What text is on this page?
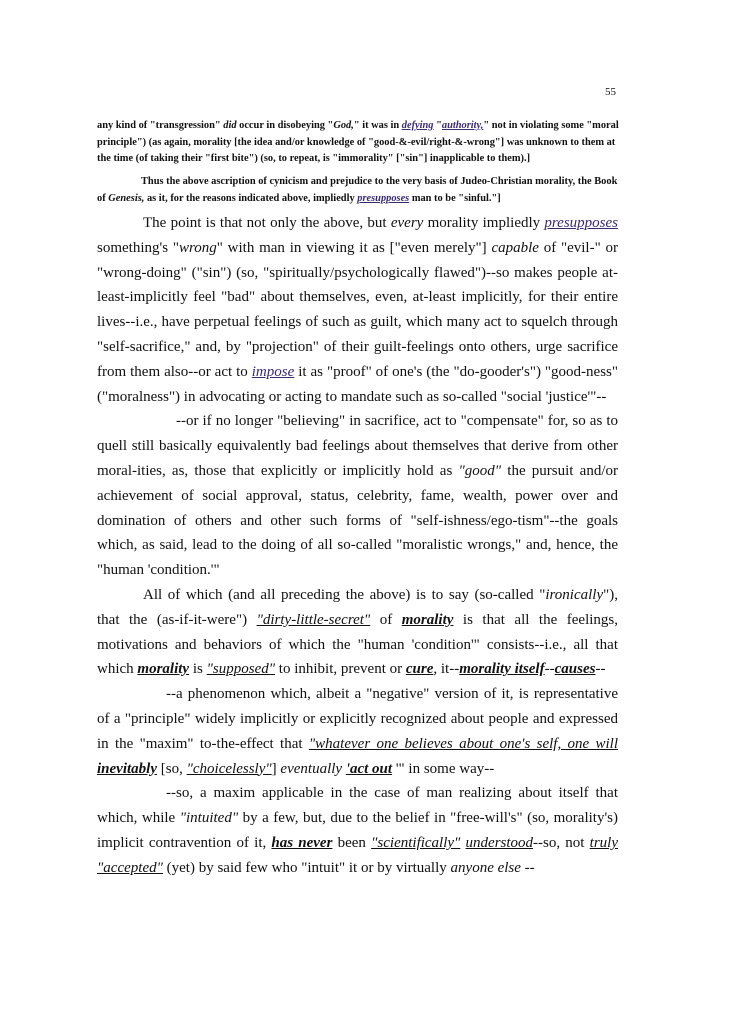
55
any kind of "transgression" did occur in disobeying "God," it was in defying "authority," not in violating some "moral principle") (as again, morality [the idea and/or knowledge of "good-&-evil/right-&-wrong"] was unknown to them at the time (of taking their "first bite") (so, to repeat, is "immorality" ["sin"] inapplicable to them).]
Thus the above ascription of cynicism and prejudice to the very basis of Judeo-Christian morality, the Book of Genesis, as it, for the reasons indicated above, impliedly presupposes man to be "sinful."]

The point is that not only the above, but every morality impliedly presupposes something's "wrong" with man in viewing it as ["even merely"] capable of "evil-" or "wrong-doing" ("sin") (so, "spiritually/psychologically flawed")--so makes people at-least-implicitly feel "bad" about themselves, even, at-least implicitly, for their entire lives--i.e., have perpetual feelings of such as guilt, which many act to squelch through "self-sacrifice," and, by "projection" of their guilt-feelings onto others, urge sacrifice from them also--or act to impose it as "proof" of one's (the "do-gooder's") "good-ness" ("moralness") in advocating or acting to mandate such as so-called "social 'justice'"--

--or if no longer "believing" in sacrifice, act to "compensate" for, so as to quell still basically equivalently bad feelings about themselves that derive from other moral-ities, as, those that explicitly or implicitly hold as "good" the pursuit and/or achievement of social approval, status, celebrity, fame, wealth, power over and domination of others and other such forms of "self-ishness/ego-tism"--the goals which, as said, lead to the doing of all so-called "moralistic wrongs," and, hence, the "human 'condition.'"

All of which (and all preceding the above) is to say (so-called "ironically"), that the (as-if-it-were") "dirty-little-secret" of morality is that all the feelings, motivations and behaviors of which the "human 'condition'" consists--i.e., all that which morality is "supposed" to inhibit, prevent or cure, it--morality itself--causes--

--a phenomenon which, albeit a "negative" version of it, is representative of a "principle" widely implicitly or explicitly recognized about people and expressed in the "maxim" to-the-effect that "whatever one believes about one's self, one will inevitably [so, "choicelessly"] eventually 'act out '" in some way--

--so, a maxim applicable in the case of man realizing about itself that which, while "intuited" by a few, but, due to the belief in "free-will's" (so, morality's) implicit contravention of it, has never been "scientifically" understood--so, not truly "accepted" (yet) by said few who "intuit" it or by virtually anyone else --
